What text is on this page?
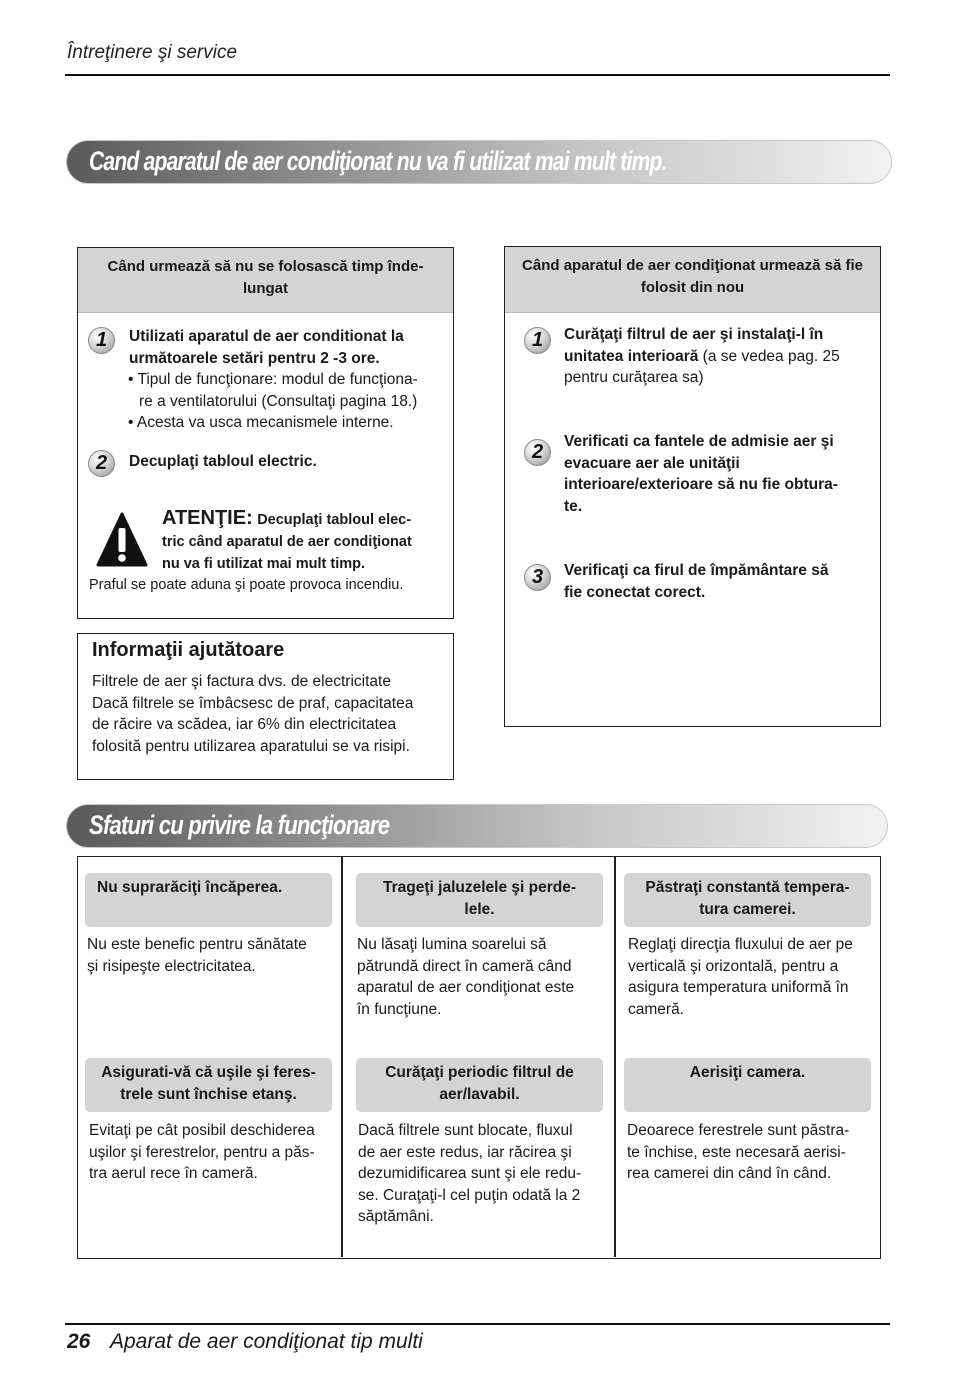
Întreţinere şi service
Cand aparatul de aer condiţionat nu va fi utilizat mai mult timp.
Când urmează să nu se folosască timp înde-lungat
1	Utilizati aparatul de aer conditionat la
următoarele setări pentru 2 -3 ore.
• Tipul de funcţionare: modul de funcţiona-
re a ventilatorului (Consultaţi pagina 18.)
• Acesta va usca mecanismele interne.
2	Decuplaţi tabloul electric.
ATENŢIE: Decuplaţi tabloul elec-
tric când aparatul de aer condiţionat
nu va fi utilizat mai mult timp.
Praful se poate aduna şi poate provoca incendiu.
Informaţii ajutătoare
Filtrele de aer şi factura dvs. de electricitate
Dacă filtrele se îmbâcsesc de praf, capacitatea
de răcire va scădea, iar 6% din electricitatea
folosită pentru utilizarea aparatului se va risipi.
Când aparatul de aer condiţionat urmează să fie folosit din nou
1	Curăţaţi filtrul de aer şi instalaţi-l în
unitatea interioară (a se vedea pag. 25
pentru curăţarea sa)
2	Verificati ca fantele de admisie aer şi
evacuare aer ale unităţii
interioare/exterioare să nu fie obtura-
te.
3	Verificaţi ca firul de împământare să
fie conectat corect.
Sfaturi cu privire la funcţionare
Nu suprarăciţi încăperea.
Nu este benefic pentru sănătate
şi risipeşte electricitatea.
Trageţi jaluzelele şi perde-
lele.
Nu lăsaţi lumina soarelui să
pătrundă direct în cameră când
aparatul de aer condiţionat este
în funcţiune.
Păstraţi constantă tempera-
tura camerei.
Reglaţi direcţia fluxului de aer pe
verticală şi orizontală, pentru a
asigura temperatura uniformă în
cameră.
Asigurati-vă că uşile şi feres-
trele sunt închise etanş.
Evitaţi pe cât posibil deschiderea
uşilor şi ferestrelor, pentru a păs-
tra aerul rece în cameră.
Curăţaţi periodic filtrul de
aer/lavabil.
Dacă filtrele sunt blocate, fluxul
de aer este redus, iar răcirea şi
dezumidificarea sunt şi ele redu-
se. Curaţaţi-l cel puţin odată la 2
săptămâni.
Aerisiţi camera.
Deoarece ferestrele sunt păstra-
te închise, este necesară aerisi-
rea camerei din când în când.
26 Aparat de aer condiţionat tip multi
